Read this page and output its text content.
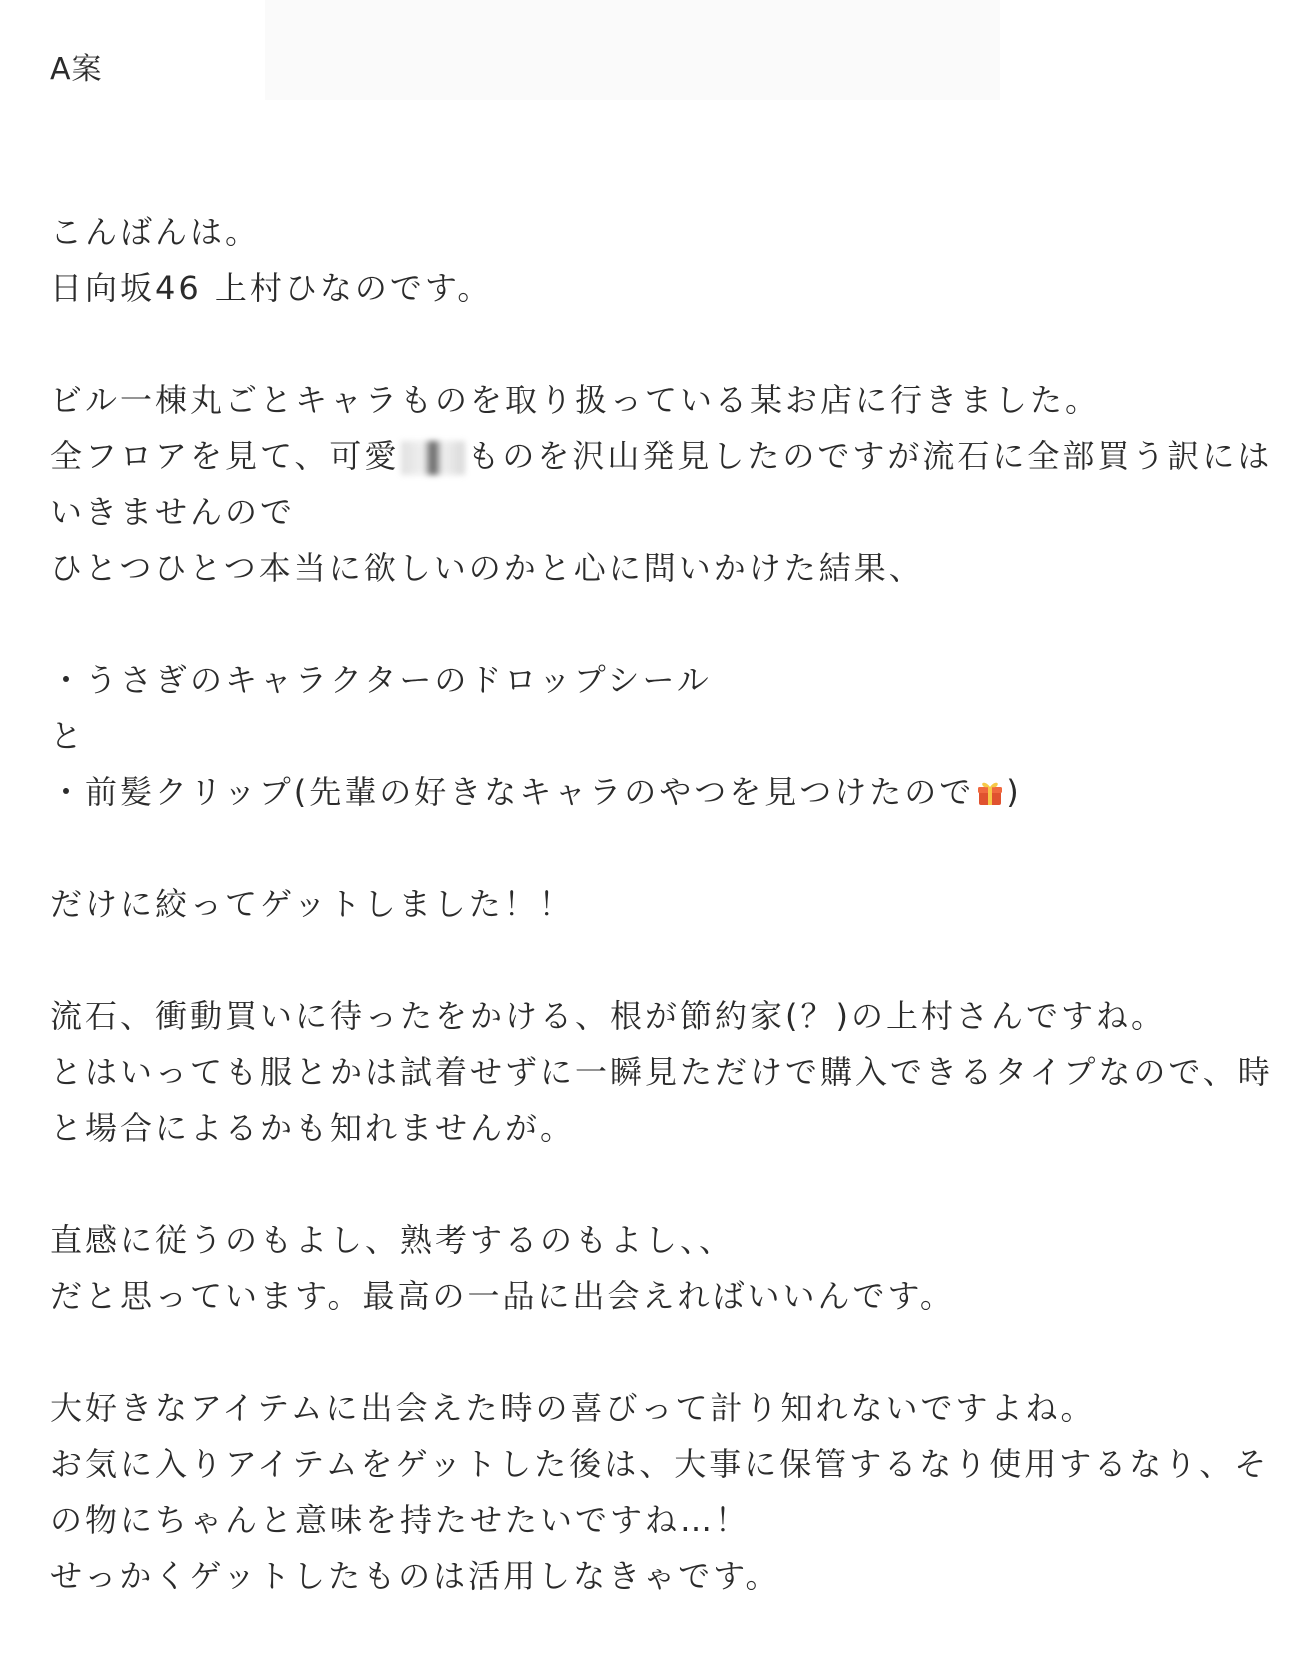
A案
こんばんは。
日向坂46 上村ひなのです。
ビル一棟丸ごとキャラものを取り扱っている某お店に行きました。
全フロアを見て、可愛 ものを沢山発見したのですが流石に全部買う訳にはいきませんので
ひとつひとつ本当に欲しいのかと心に問いかけた結果、
・うさぎのキャラクターのドロップシール
と
・前髪クリップ(先輩の好きなキャラのやつを見つけたので )
だけに絞ってゲットしました！！
流石、衝動買いに待ったをかける、根が節約家(？)の上村さんですね。
とはいっても服とかは試着せずに一瞬見ただけで購入できるタイプなので、時と場合によるかも知れませんが。
直感に従うのもよし、熟考するのもよし、、
だと思っています。最高の一品に出会えればいいんです。
大好きなアイテムに出会えた時の喜びって計り知れないですよね。
お気に入りアイテムをゲットした後は、大事に保管するなり使用するなり、その物にちゃんと意味を持たせたいですね…！
せっかくゲットしたものは活用しなきゃです。
